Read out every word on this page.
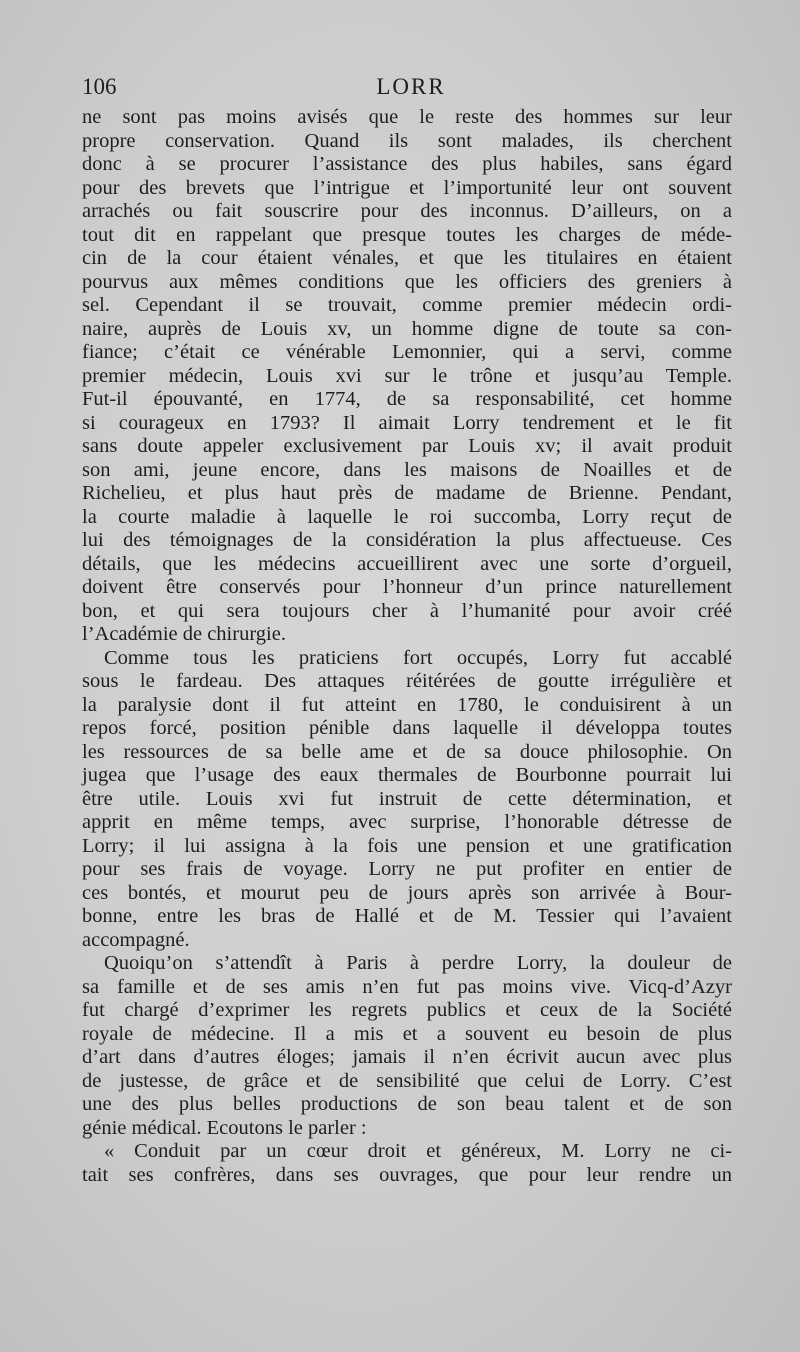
106	LORR
ne sont pas moins avisés que le reste des hommes sur leur
propre conservation. Quand ils sont malades, ils cherchent
donc à se procurer l’assistance des plus habiles, sans égard
pour des brevets que l’intrigue et l’importunité leur ont souvent
arrachés ou fait souscrire pour des inconnus. D’ailleurs, on a
tout dit en rappelant que presque toutes les charges de méde-
cin de la cour étaient vénales, et que les titulaires en étaient
pourvus aux mêmes conditions que les officiers des greniers à
sel. Cependant il se trouvait, comme premier médecin ordi-
naire, auprès de Louis xv, un homme digne de toute sa con-
fiance; c’était ce vénérable Lemonnier, qui a servi, comme
premier médecin, Louis xvi sur le trône et jusqu’au Temple.
Fut-il épouvanté, en 1774, de sa responsabilité, cet homme
si courageux en 1793? Il aimait Lorry tendrement et le fit
sans doute appeler exclusivement par Louis xv; il avait produit
son ami, jeune encore, dans les maisons de Noailles et de
Richelieu, et plus haut près de madame de Brienne. Pendant,
la courte maladie à laquelle le roi succomba, Lorry reçut de
lui des témoignages de la considération la plus affectueuse. Ces
détails, que les médecins accueillirent avec une sorte d’orgueil,
doivent être conservés pour l’honneur d’un prince naturellement
bon, et qui sera toujours cher à l’humanité pour avoir créé
l’Académie de chirurgie.
Comme tous les praticiens fort occupés, Lorry fut accablé
sous le fardeau. Des attaques réitérées de goutte irrégulière et
la paralysie dont il fut atteint en 1780, le conduisirent à un
repos forcé, position pénible dans laquelle il développa toutes
les ressources de sa belle ame et de sa douce philosophie. On
jugea que l’usage des eaux thermales de Bourbonne pourrait lui
être utile. Louis xvi fut instruit de cette détermination, et
apprit en même temps, avec surprise, l’honorable détresse de
Lorry; il lui assigna à la fois une pension et une gratification
pour ses frais de voyage. Lorry ne put profiter en entier de
ces bontés, et mourut peu de jours après son arrivée à Bour-
bonne, entre les bras de Hallé et de M. Tessier qui l’avaient
accompagné.
Quoiqu’on s’attendît à Paris à perdre Lorry, la douleur de
sa famille et de ses amis n’en fut pas moins vive. Vicq-d’Azyr
fut chargé d’exprimer les regrets publics et ceux de la Société
royale de médecine. Il a mis et a souvent eu besoin de plus
d’art dans d’autres éloges; jamais il n’en écrivit aucun avec plus
de justesse, de grâce et de sensibilité que celui de Lorry. C’est
une des plus belles productions de son beau talent et de son
génie médical. Ecoutons le parler :
« Conduit par un cœur droit et généreux, M. Lorry ne ci-
tait ses confrères, dans ses ouvrages, que pour leur rendre un
